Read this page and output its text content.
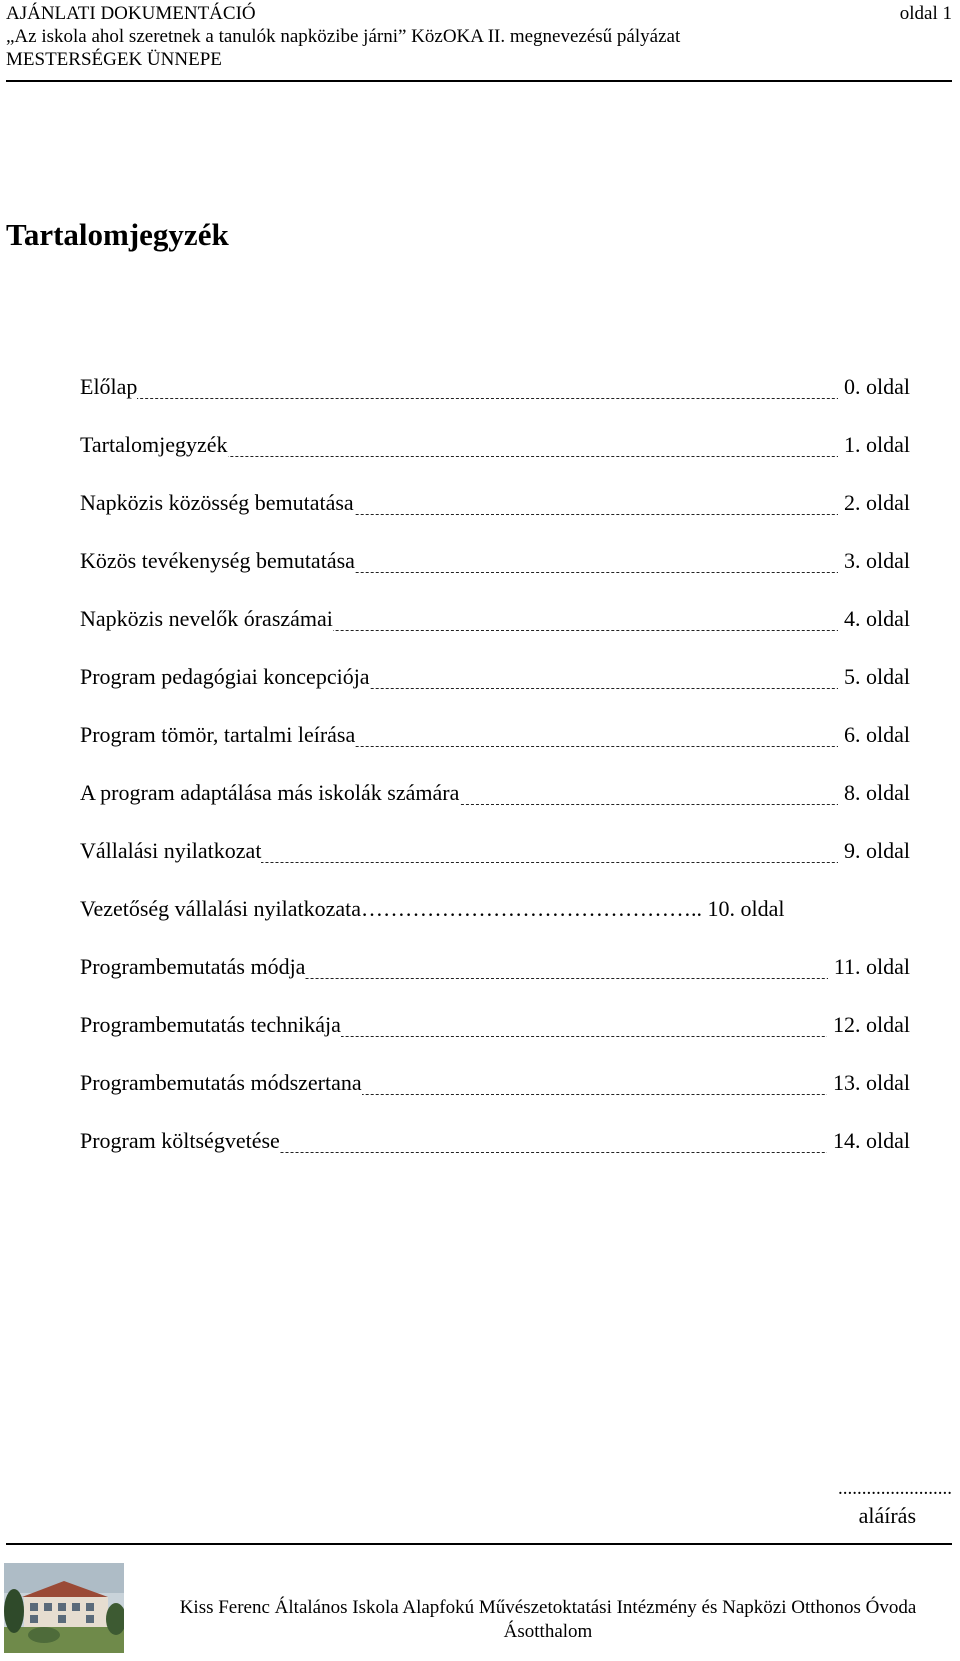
AJÁNLATI DOKUMENTÁCIÓ
„Az iskola ahol szeretnek a tanulók napközibe járni” KözOKA II. megnevezésű pályázat
MESTERSÉGEK ÜNNEPE
oldal 1
Tartalomjegyzék
Előlap	0. oldal
Tartalomjegyzék	1. oldal
Napközis közösség bemutatása	2. oldal
Közös tevékenység bemutatása	3. oldal
Napközis nevelők óraszámai	4. oldal
Program pedagógiai koncepciója	5. oldal
Program tömör, tartalmi leírása	6. oldal
A program adaptálása más iskolák számára	8. oldal
Vállalási nyilatkozat	9. oldal
Vezetőség vállalási nyilatkozata……………………………………….. 10. oldal
Programbemutatás módja	11. oldal
Programbemutatás technikája	12. oldal
Programbemutatás módszertana	13. oldal
Program költségvetése	14. oldal
........................
aláírás
Kiss Ferenc Általános Iskola Alapfokú Művészetoktatási Intézmény és Napközi Otthonos Óvoda
Ásotthalom
